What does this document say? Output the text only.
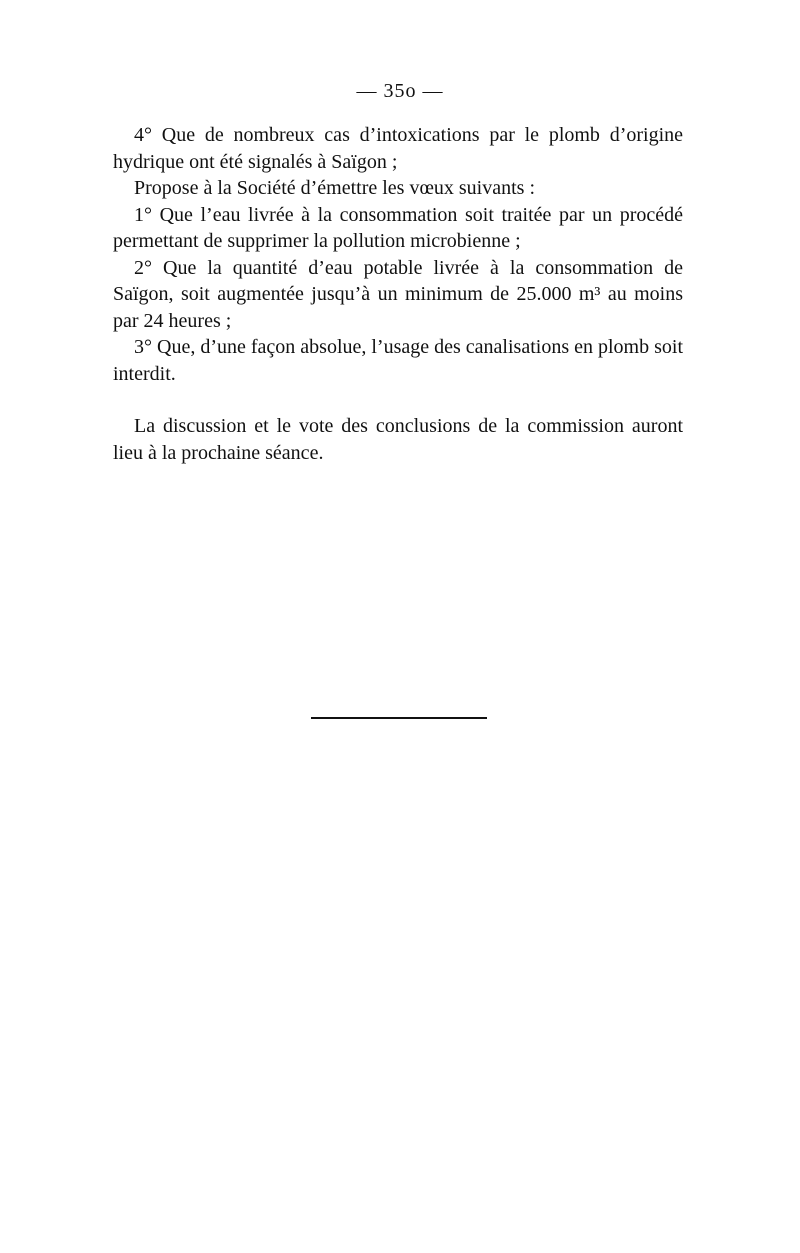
— 35o —

4° Que de nombreux cas d’intoxications par le plomb d’origine hydrique ont été signalés à Saïgon ;

Propose à la Société d’émettre les vœux suivants :

1° Que l’eau livrée à la consommation soit traitée par un procédé permettant de supprimer la pollution microbienne ;

2° Que la quantité d’eau potable livrée à la consommation de Saïgon, soit augmentée jusqu’à un minimum de 25.000 m³ au moins par 24 heures ;

3° Que, d’une façon absolue, l’usage des canalisations en plomb soit interdit.

La discussion et le vote des conclusions de la commission auront lieu à la prochaine séance.
